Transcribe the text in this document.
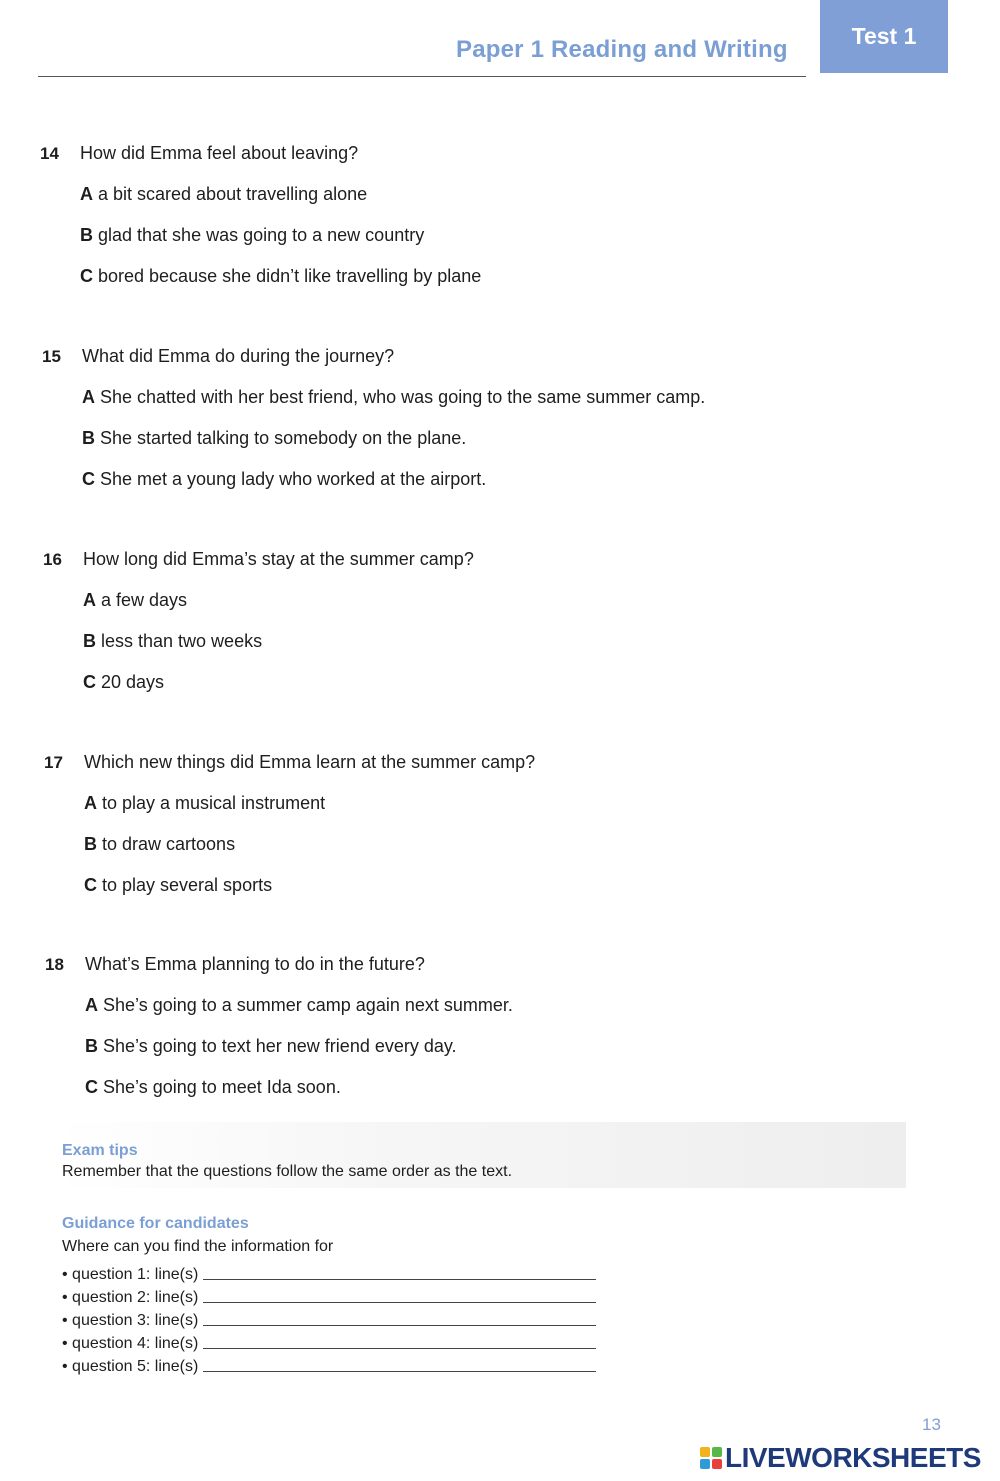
Paper 1 Reading and Writing	Test 1
14	How did Emma feel about leaving?
A a bit scared about travelling alone
B glad that she was going to a new country
C bored because she didn’t like travelling by plane
15	What did Emma do during the journey?
A She chatted with her best friend, who was going to the same summer camp.
B She started talking to somebody on the plane.
C She met a young lady who worked at the airport.
16	How long did Emma’s stay at the summer camp?
A a few days
B less than two weeks
C 20 days
17	Which new things did Emma learn at the summer camp?
A to play a musical instrument
B to draw cartoons
C to play several sports
18	What’s Emma planning to do in the future?
A She’s going to a summer camp again next summer.
B She’s going to text her new friend every day.
C She’s going to meet Ida soon.
Exam tips
Remember that the questions follow the same order as the text.
Guidance for candidates
Where can you find the information for
• question 1: line(s)
• question 2: line(s)
• question 3: line(s)
• question 4: line(s)
• question 5: line(s)
13
LIVEWORKSHEETS
